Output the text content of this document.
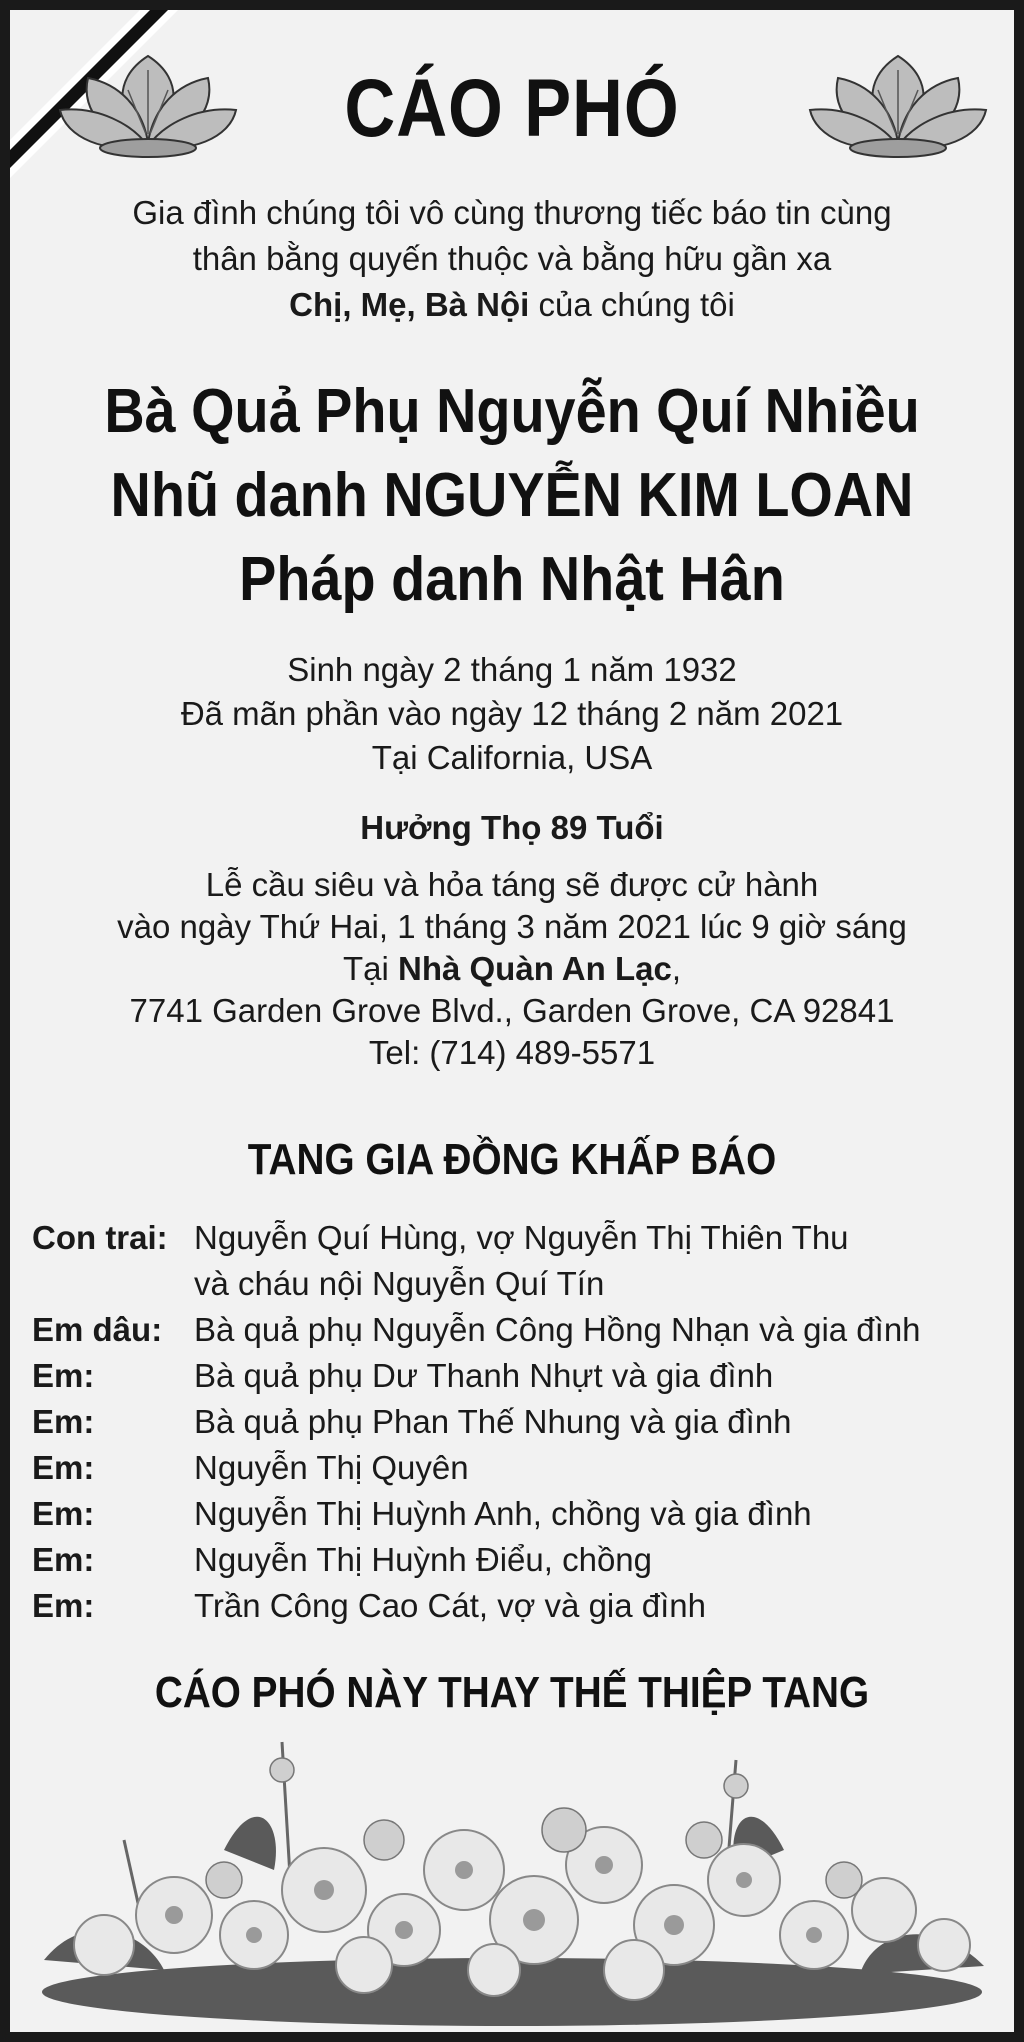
CÁO PHÓ
Gia đình chúng tôi vô cùng thương tiếc báo tin cùng
thân bằng quyến thuộc và bằng hữu gần xa
Chị, Mẹ, Bà Nội của chúng tôi
Bà Quả Phụ Nguyễn Quí Nhiều
Nhũ danh NGUYỄN KIM LOAN
Pháp danh Nhật Hân
Sinh ngày 2 tháng 1 năm 1932
Đã mãn phần vào ngày 12 tháng 2 năm 2021
Tại California, USA
Hưởng Thọ 89 Tuổi
Lễ cầu siêu và hỏa táng sẽ được cử hành
vào ngày Thứ Hai, 1 tháng 3 năm 2021 lúc 9 giờ sáng
Tại Nhà Quàn An Lạc,
7741 Garden Grove Blvd., Garden Grove, CA 92841
Tel: (714) 489-5571
TANG GIA ĐỒNG KHẤP BÁO
Con trai: Nguyễn Quí Hùng, vợ Nguyễn Thị Thiên Thu
và cháu nội Nguyễn Quí Tín
Em dâu: Bà quả phụ Nguyễn Công Hồng Nhạn và gia đình
Em:	Bà quả phụ Dư Thanh Nhựt và gia đình
Em:	Bà quả phụ Phan Thế Nhung và gia đình
Em:	Nguyễn Thị Quyên
Em:	Nguyễn Thị Huỳnh Anh, chồng và gia đình
Em:	Nguyễn Thị Huỳnh Điểu, chồng
Em:	Trần Công Cao Cát, vợ và gia đình
CÁO PHÓ NÀY THAY THẾ THIỆP TANG
